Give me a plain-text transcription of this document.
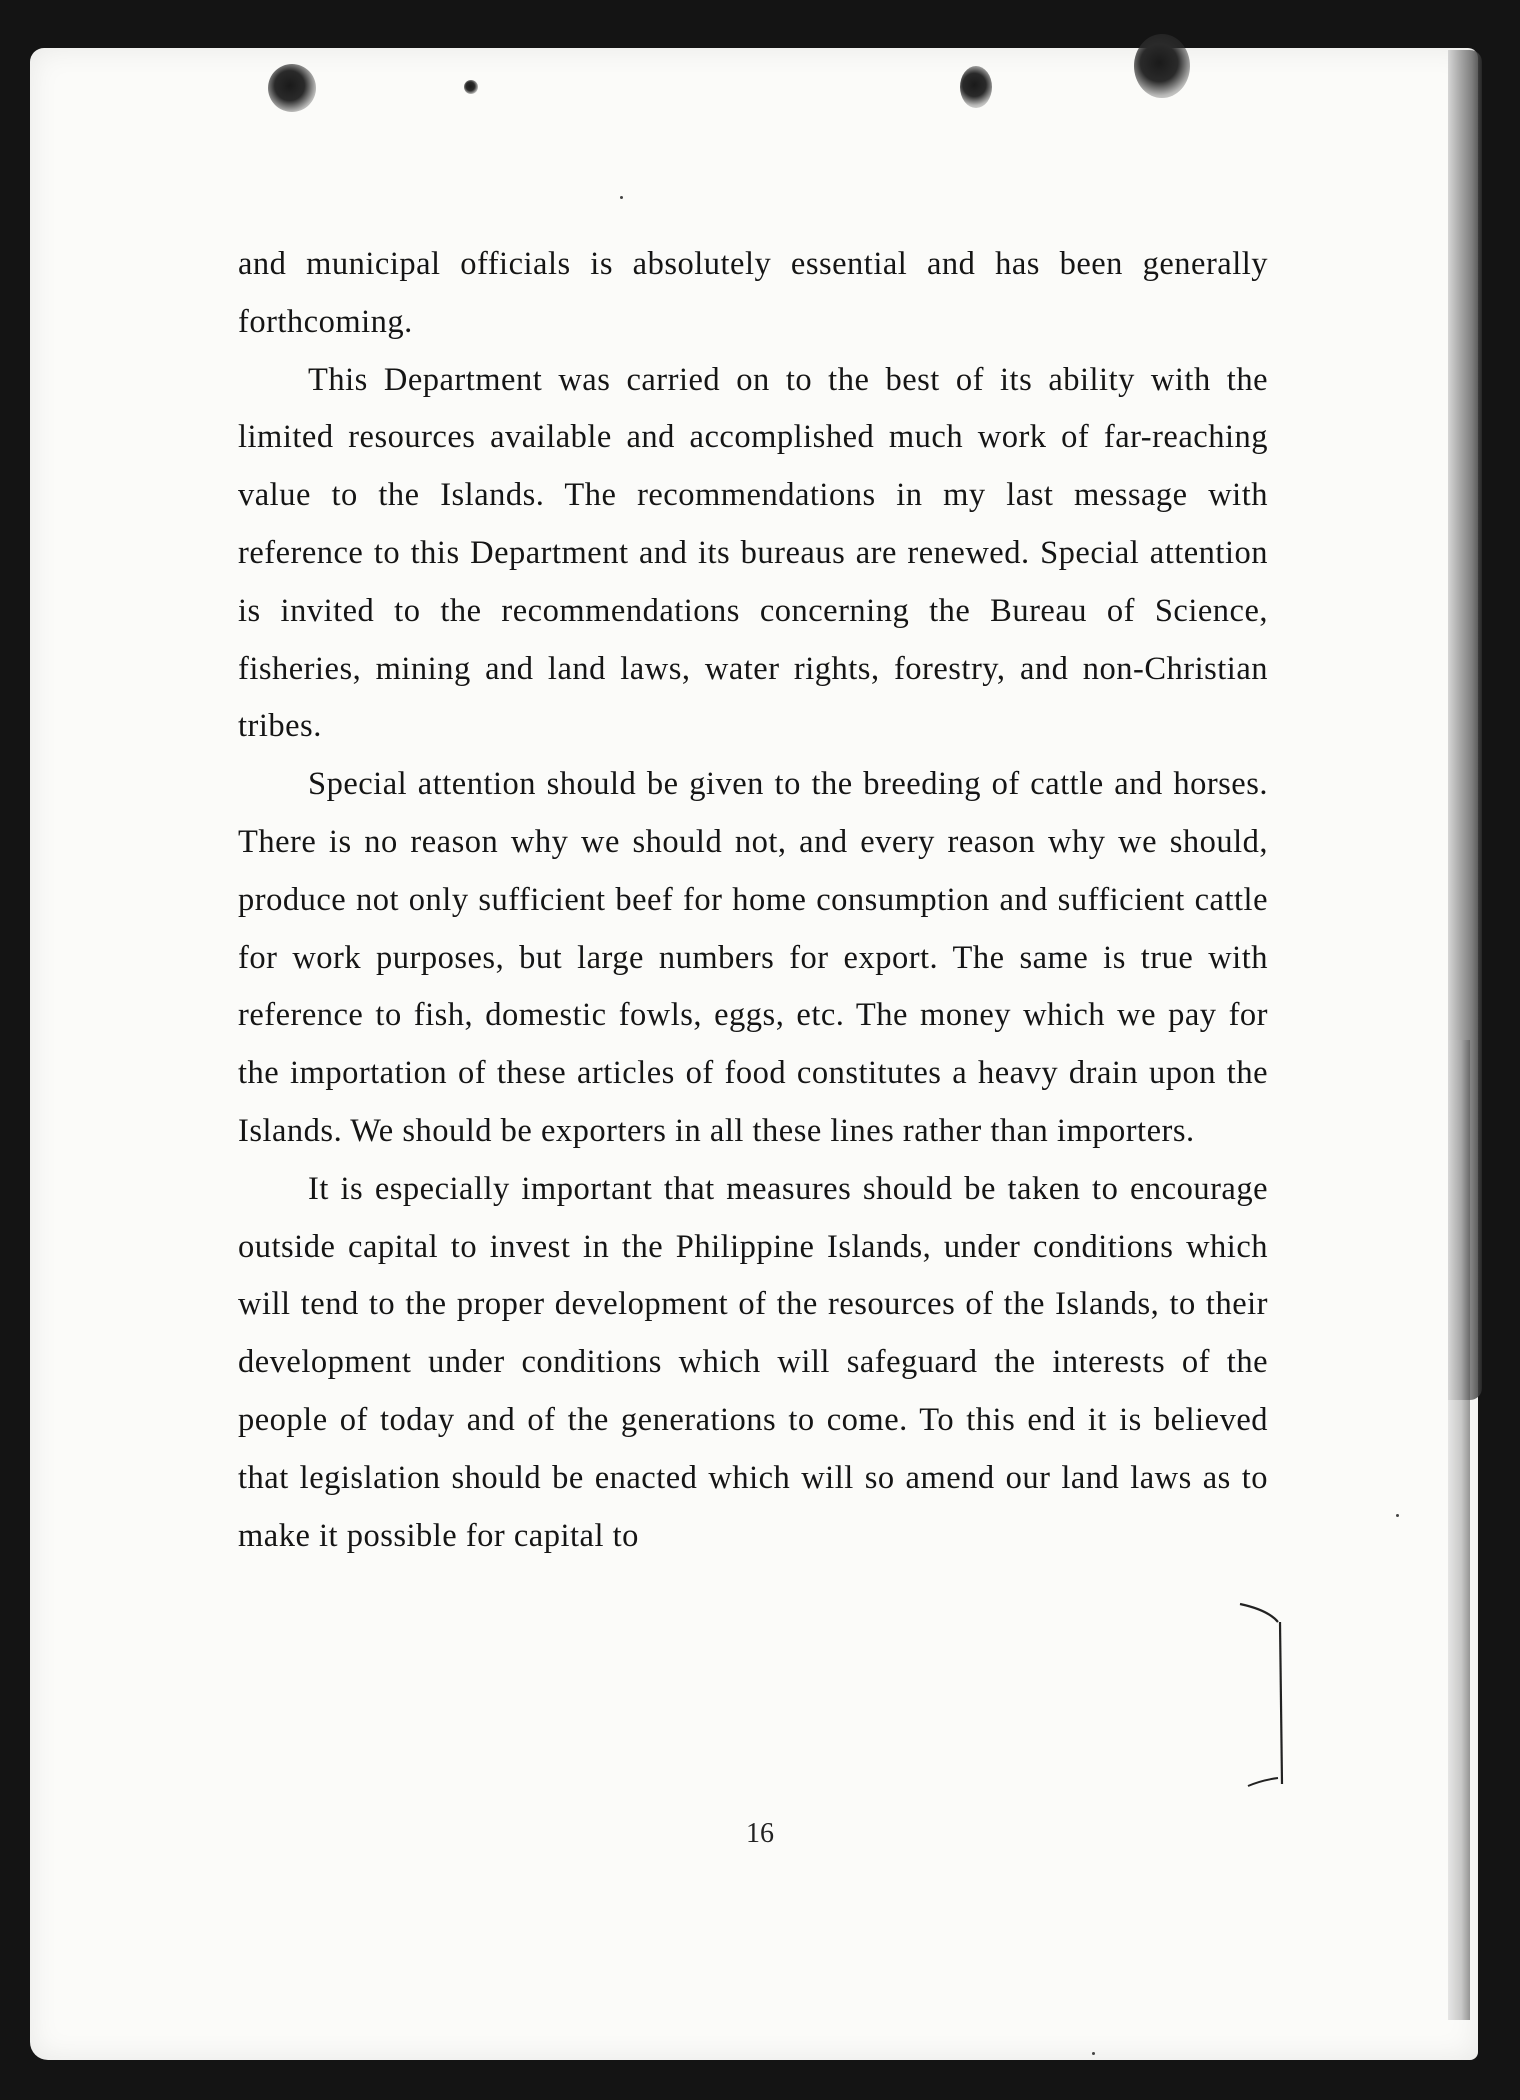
and municipal officials is absolutely essential and has been generally forthcoming.

This Department was carried on to the best of its ability with the limited resources available and accomplished much work of far-reaching value to the Islands. The recommendations in my last message with reference to this Department and its bureaus are renewed. Special attention is invited to the recommendations concerning the Bureau of Science, fisheries, mining and land laws, water rights, forestry, and non-Christian tribes.

Special attention should be given to the breeding of cattle and horses. There is no reason why we should not, and every reason why we should, produce not only sufficient beef for home consumption and sufficient cattle for work purposes, but large numbers for export. The same is true with reference to fish, domestic fowls, eggs, etc. The money which we pay for the importation of these articles of food constitutes a heavy drain upon the Islands. We should be exporters in all these lines rather than importers.

It is especially important that measures should be taken to encourage outside capital to invest in the Philippine Islands, under conditions which will tend to the proper development of the resources of the Islands, to their development under conditions which will safeguard the interests of the people of today and of the generations to come. To this end it is believed that legislation should be enacted which will so amend our land laws as to make it possible for capital to

16
